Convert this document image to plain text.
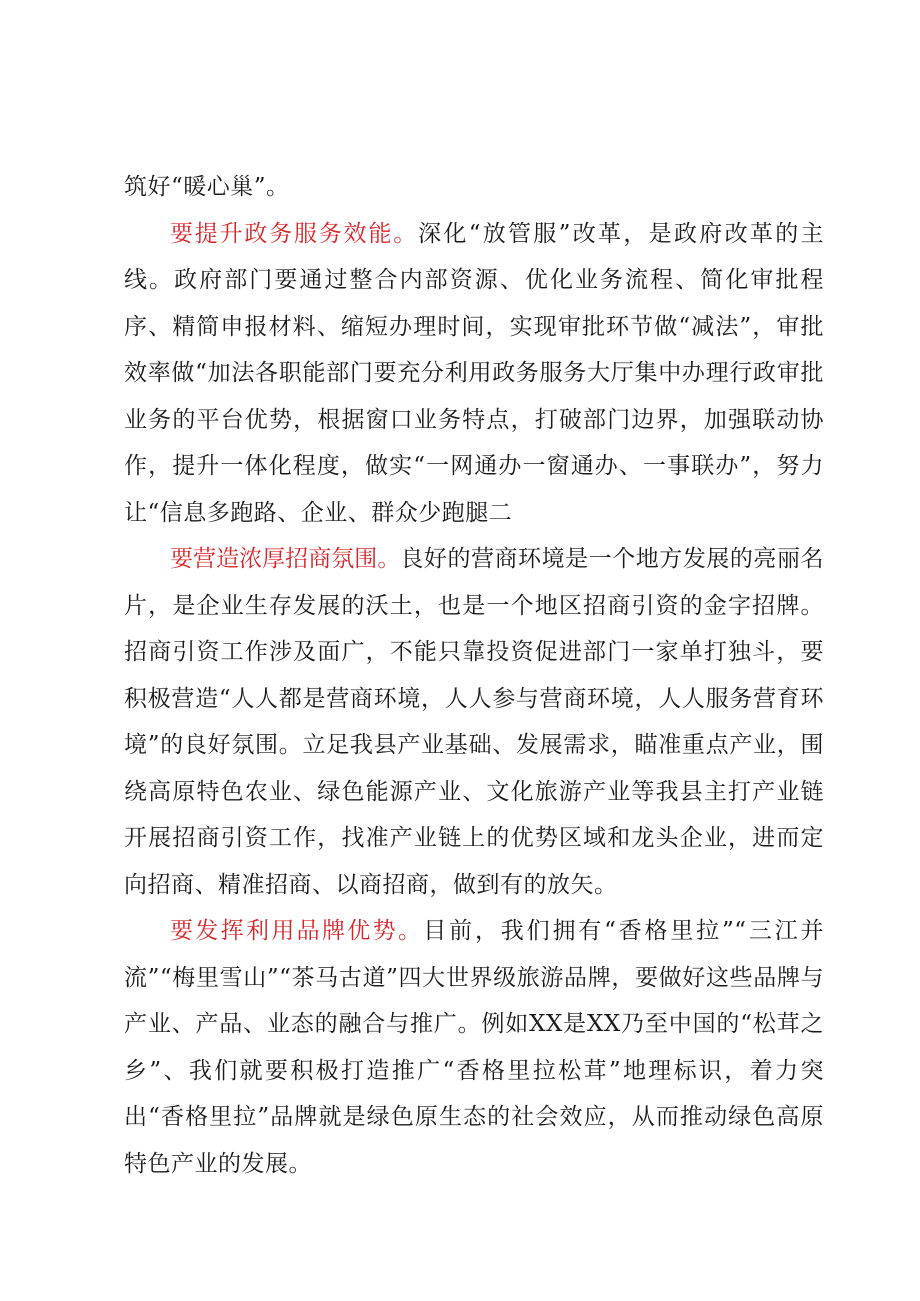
筑好“暖心巢”。

要提升政务服务效能。深化“放管服”改革，是政府改革的主线。政府部门要通过整合内部资源、优化业务流程、简化审批程序、精简申报材料、缩短办理时间，实现审批环节做“减法”，审批效率做“加法各职能部门要充分利用政务服务大厅集中办理行政审批业务的平台优势，根据窗口业务特点，打破部门边界，加强联动协作，提升一体化程度，做实“一网通办一窗通办、一事联办”，努力让“信息多跑路、企业、群众少跑腿二

要营造浓厚招商氛围。良好的营商环境是一个地方发展的亮丽名片，是企业生存发展的沃土，也是一个地区招商引资的金字招牌。招商引资工作涉及面广，不能只靠投资促进部门一家单打独斗，要积极营造“人人都是营商环境，人人参与营商环境，人人服务营育环境”的良好氛围。立足我县产业基础、发展需求，瞄准重点产业，围绕高原特色农业、绿色能源产业、文化旅游产业等我县主打产业链开展招商引资工作，找准产业链上的优势区域和龙头企业，进而定向招商、精准招商、以商招商，做到有的放矢。

要发挥利用品牌优势。目前，我们拥有“香格里拉”“三江并流”“梅里雪山”“茶马古道”四大世界级旅游品牌，要做好这些品牌与产业、产品、业态的融合与推广。例如XX是XX乃至中国的“松茸之乡”、我们就要积极打造推广“香格里拉松茸”地理标识，着力突出“香格里拉”品牌就是绿色原生态的社会效应，从而推动绿色高原特色产业的发展。
